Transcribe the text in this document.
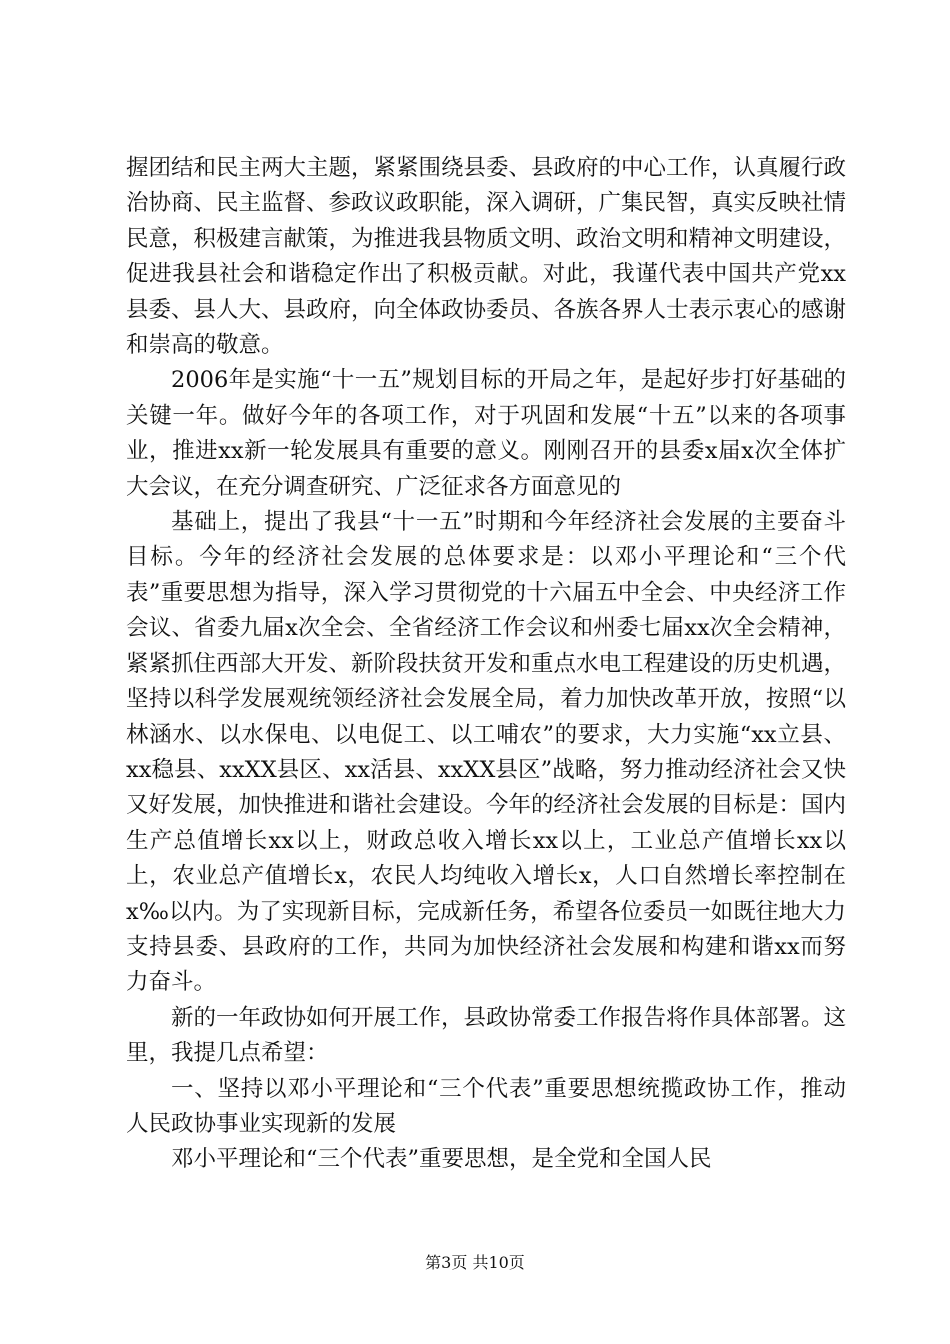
握团结和民主两大主题，紧紧围绕县委、县政府的中心工作，认真履行政治协商、民主监督、参政议政职能，深入调研，广集民智，真实反映社情民意，积极建言献策，为推进我县物质文明、政治文明和精神文明建设，促进我县社会和谐稳定作出了积极贡献。对此，我谨代表中国共产党xx县委、县人大、县政府，向全体政协委员、各族各界人士表示衷心的感谢和崇高的敬意。

2006年是实施“十一五”规划目标的开局之年，是起好步打好基础的关键一年。做好今年的各项工作，对于巩固和发展“十五”以来的各项事业，推进xx新一轮发展具有重要的意义。刚刚召开的县委x届x次全体扩大会议，在充分调查研究、广泛征求各方面意见的

基础上，提出了我县“十一五”时期和今年经济社会发展的主要奋斗目标。今年的经济社会发展的总体要求是：以邓小平理论和“三个代表”重要思想为指导，深入学习贯彻党的十六届五中全会、中央经济工作会议、省委九届x次全会、全省经济工作会议和州委七届xx次全会精神，紧紧抓住西部大开发、新阶段扶贫开发和重点水电工程建设的历史机遇，坚持以科学发展观统领经济社会发展全局，着力加快改革开放，按照“以林涵水、以水保电、以电促工、以工哺农”的要求，大力实施“xx立县、xx稳县、xxXX县区、xx活县、xxXX县区”战略，努力推动经济社会又快又好发展，加快推进和谐社会建设。今年的经济社会发展的目标是：国内生产总值增长xx以上，财政总收入增长xx以上，工业总产值增长xx以上，农业总产值增长x，农民人均纯收入增长x，人口自然增长率控制在x‰以内。为了实现新目标，完成新任务，希望各位委员一如既往地大力支持县委、县政府的工作，共同为加快经济社会发展和构建和谐xx而努力奋斗。

新的一年政协如何开展工作，县政协常委工作报告将作具体部署。这里，我提几点希望：

一、坚持以邓小平理论和“三个代表”重要思想统揽政协工作，推动人民政协事业实现新的发展

邓小平理论和“三个代表”重要思想，是全党和全国人民

第3页 共10页
